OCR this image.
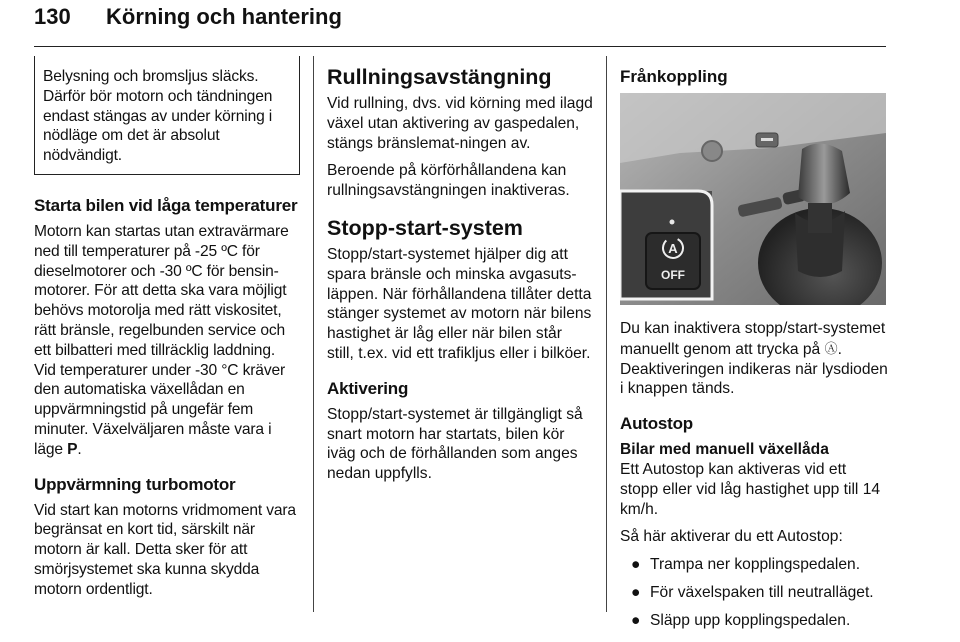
130 Körning och hantering

Belysning och bromsljus släcks. Därför bör motorn och tändningen endast stängas av under körning i nödläge om det är absolut nödvändigt.

Starta bilen vid låga temperaturer

Motorn kan startas utan extravärmare ned till temperaturer på -25 ºC för dieselmotorer och -30 ºC för bensin-motorer. För att detta ska vara möjligt behövs motorolja med rätt viskositet, rätt bränsle, regelbunden service och ett bilbatteri med tillräcklig laddning. Vid temperaturer under -30 °C kräver den automatiska växellådan en uppvärmningstid på ungefär fem minuter. Växelväljaren måste vara i läge P.

Uppvärmning turbomotor

Vid start kan motorns vridmoment vara begränsat en kort tid, särskilt när motorn är kall. Detta sker för att smörjsystemet ska kunna skydda motorn ordentligt.

Rullningsavstängning

Vid rullning, dvs. vid körning med ilagd växel utan aktivering av gaspedalen, stängs bränslemat-ningen av.

Beroende på körförhållandena kan rullningsavstängningen inaktiveras.

Stopp-start-system

Stopp/start-systemet hjälper dig att spara bränsle och minska avgasuts-läppen. När förhållandena tillåter detta stänger systemet av motorn när bilens hastighet är låg eller när bilen står still, t.ex. vid ett trafikljus eller i bilköer.

Aktivering

Stopp/start-systemet är tillgängligt så snart motorn har startats, bilen kör iväg och de förhållanden som anges nedan uppfylls.

Frånkoppling
A
OFF

Du kan inaktivera stopp/start-systemet manuellt genom att trycka på Ⓐ. Deaktiveringen indikeras när lysdioden i knappen tänds.

Autostop
Bilar med manuell växellåda

Ett Autostop kan aktiveras vid ett stopp eller vid låg hastighet upp till 14 km/h.

Så här aktiverar du ett Autostop:

● Trampa ner kopplingspedalen.
● För växelspaken till neutralläget.
● Släpp upp kopplingspedalen.
